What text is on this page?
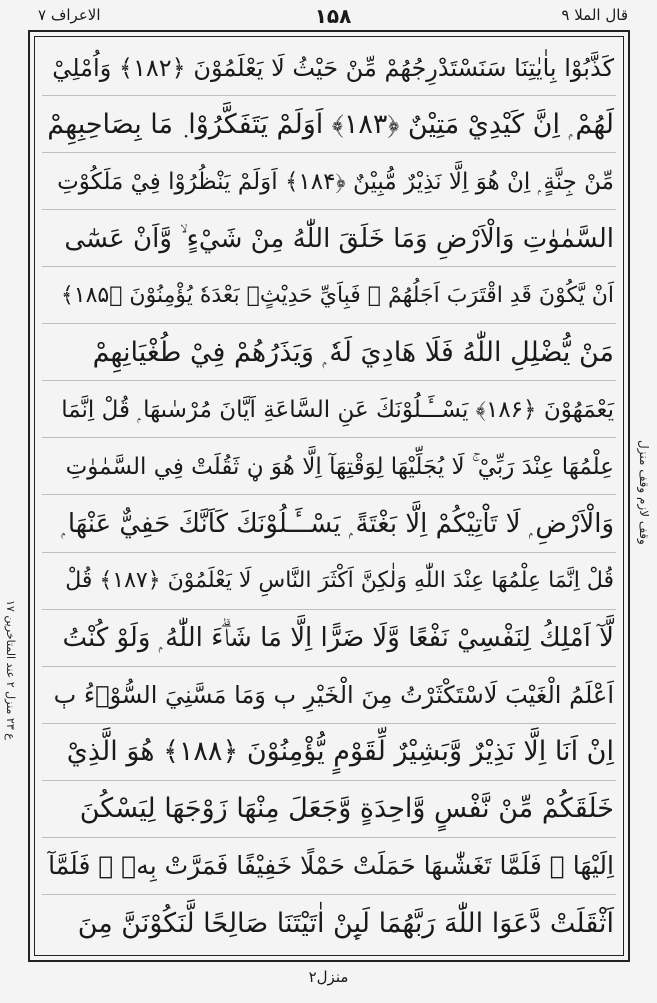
قال الملا ۹
۱۵۸
الاعراف ۷
كَذَّبُوْا بِاٰيٰتِنَا سَنَسْتَدْرِجُهُمْ مِّنْ حَيْثُ لَا يَعْلَمُوْنَ ﴿۱۸۲﴾ وَاُمْلِيْ
لَهُمْ ۭ اِنَّ كَيْدِيْ مَتِيْنٌ ﴿۱۸۳﴾ اَوَلَمْ يَتَفَكَّرُوْا ٜ مَا بِصَاحِبِهِمْ
مِّنْ جِنَّةٍ ۭ اِنْ هُوَ اِلَّا نَذِيْرٌ مُّبِيْنٌ ﴿۱۸۴﴾ اَوَلَمْ يَنْظُرُوْا فِيْ مَلَكُوْتِ
السَّمٰوٰتِ وَالْاَرْضِ وَمَا خَلَقَ اللّٰهُ مِنْ شَيْءٍ ۙ وَّاَنْ عَسٰٓى
اَنْ يَّكُوْنَ قَدِ اقْتَرَبَ اَجَلُهُمْ ۚ فَبِاَيِّ حَدِيْثٍۢ بَعْدَهٗ يُؤْمِنُوْنَ ﴿۱۸۵﴾
مَنْ يُّضْلِلِ اللّٰهُ فَلَا هَادِيَ لَهٗ ۭ وَيَذَرُهُمْ فِيْ طُغْيَانِهِمْ
يَعْمَهُوْنَ ﴿۱۸۶﴾ يَسْــَٔـلُوْنَكَ عَنِ السَّاعَةِ اَيَّانَ مُرْسٰىهَا ۭ قُلْ اِنَّمَا
عِلْمُهَا عِنْدَ رَبِّيْ ۚ لَا يُجَلِّيْهَا لِوَقْتِهَآ اِلَّا هُوَ ڼ ثَقُلَتْ فِي السَّمٰوٰتِ
وَالْاَرْضِ ۭ لَا تَاْتِيْكُمْ اِلَّا بَغْتَةً ۭ يَسْــَٔـلُوْنَكَ كَاَنَّكَ حَفِيٌّ عَنْهَا ۭ
قُلْ اِنَّمَا عِلْمُهَا عِنْدَ اللّٰهِ وَلٰكِنَّ اَكْثَرَ النَّاسِ لَا يَعْلَمُوْنَ ﴿۱۸۷﴾ قُلْ
لَّآ اَمْلِكُ لِنَفْسِيْ نَفْعًا وَّلَا ضَرًّا اِلَّا مَا شَاۗءَ اللّٰهُ ۭ وَلَوْ كُنْتُ
اَعْلَمُ الْغَيْبَ لَاسْتَكْثَرْتُ مِنَ الْخَيْرِ ٻ وَمَا مَسَّنِيَ السُّوْۗءُ ٻ
اِنْ اَنَا اِلَّا نَذِيْرٌ وَّبَشِيْرٌ لِّقَوْمٍ يُّؤْمِنُوْنَ ﴿۱۸۸﴾ هُوَ الَّذِيْ
خَلَقَكُمْ مِّنْ نَّفْسٍ وَّاحِدَةٍ وَّجَعَلَ مِنْهَا زَوْجَهَا لِيَسْكُنَ
اِلَيْهَا ۚ فَلَمَّا تَغَشّٰىهَا حَمَلَتْ حَمْلًا خَفِيْفًا فَمَرَّتْ بِهٖ ۚ فَلَمَّآ
اَثْقَلَتْ دَّعَوَا اللّٰهَ رَبَّهُمَا لَىِٕنْ اٰتَيْتَنَا صَالِحًا لَّنَكُوْنَنَّ مِنَ
وقف لازم وقف منزل
ع ۲۳ منزل ۲ عند المتاخرين ۱۷
منزل۲
